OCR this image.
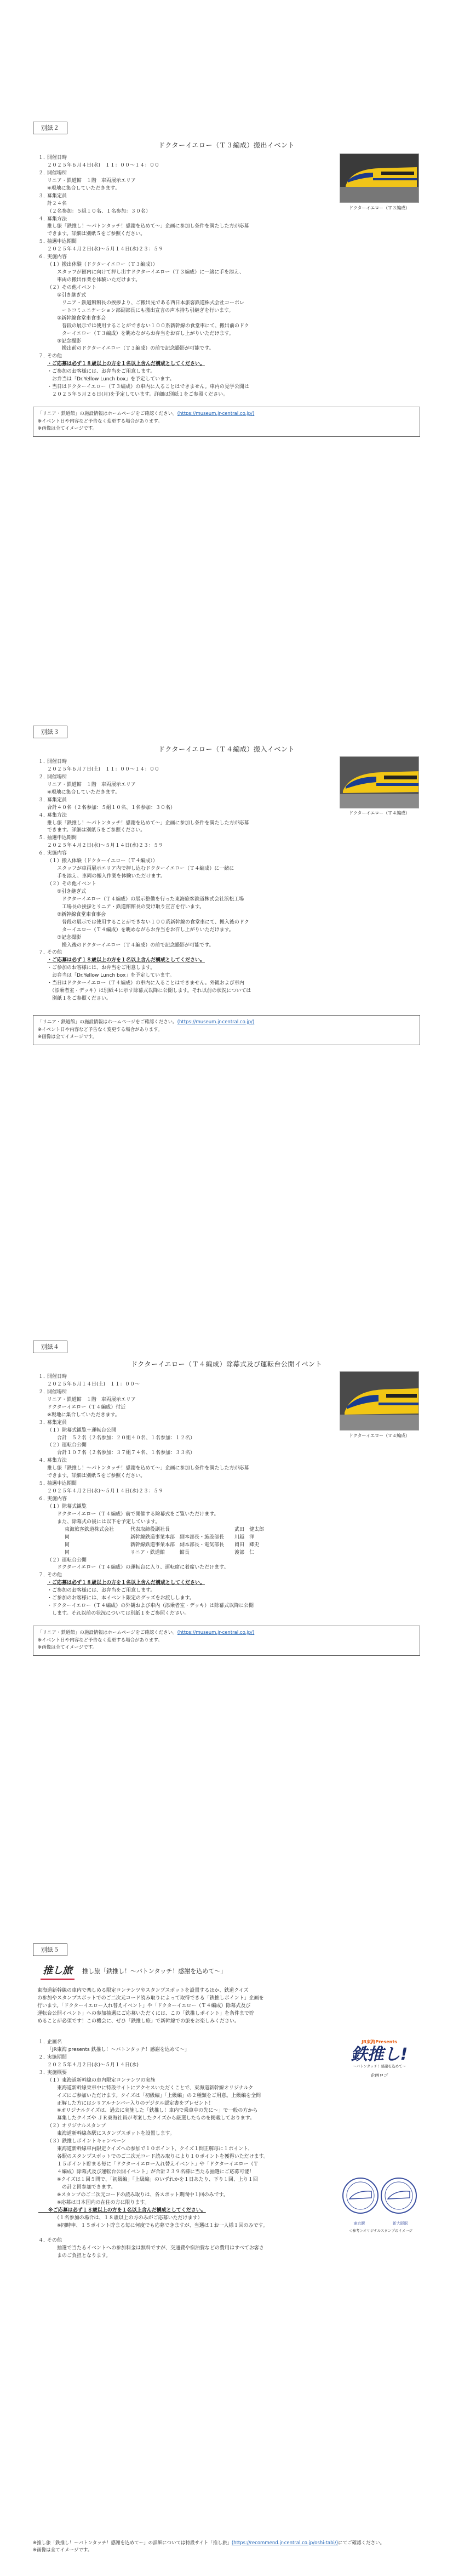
別紙２
ドクターイエロー（Ｔ３編成）搬出イベント
ドクターイエロー（Ｔ３編成）
１．
開催日時
２０２５年６月４日(水)　１１：００～１４：００
２．
開催場所
リニア・鉄道館　１階　車両展示エリア
※現地に集合していただきます。
３．
募集定員
計２４名
（２名参加：５組１０名、１名参加：３０名）
４．
募集方法
推し旅「鉄推し！～パトンタッチ！感謝を込めて～」企画に参加し条件を満たした方が応募
できます。詳細は別紙５をご参照ください。
５．
抽選申込期間
２０２５年４月２日(水)～５月１４日(水)２３：５９
６．
実施内容
（１）搬出体験（ドクターイエロー（Ｔ３編成））
　　スタッフが館内に向けて押し出すドクターイエロー（Ｔ３編成）に一緒に手を添え、
　　車両の搬出作業を体験いただけます。
（２）その他イベント
　　①引き継ぎ式
　　　リニア・鉄道館館長の挨拶より、ご搬出先である西日本旅客鉄道株式会社コーポレ
　　　ートコミュニケーション部副部長にも搬出宣言の声本持ち引継ぎを行います。
　　②新幹線食堂車食事会
　　　普段の展示では使用することができない１００系新幹線の食堂車にて、搬出前のドク
　　　ターイエロー（Ｔ３編成）を眺めながらお弁当をお召し上がりいただけます。
　　③記念撮影
　　　搬出前のドクターイエロー（Ｔ３編成）の前で記念撮影が可能です。
７．
その他
・ご応募は必ず１８歳以上の方を１名以上含んだ構成としてください。
・ご参加のお客様には、お弁当をご用意します。
　お弁当は「Dr.Yellow Lunch box」を予定しています。
・当日はドクターイエロー（Ｔ３編成）の車内に入ることはできません。車内の見学公開は
　２０２５年５月２６日(月)を予定しています。詳細は別紙１をご参照ください。
「リニア・鉄道館」の施設情報はホームページをご確認ください。(https://museum.jr-central.co.jp/)
※イベント日や内容など予告なく変更する場合があります。
※画像は全てイメージです。
別紙３
ドクターイエロー（Ｔ４編成）搬入イベント
ドクターイエロー（Ｔ４編成）
１．
開催日時
２０２５年６月７日(土)　１１：００～１４：００
２．
開催場所
リニア・鉄道館　１階　車両展示エリア
※現地に集合していただきます。
３．
募集定員
合計４０名（２名参加：５組１０名、１名参加：３０名）
４．
募集方法
推し旅「鉄推し！～パトンタッチ！感謝を込めて～」企画に参加し条件を満たした方が応募
できます。詳細は別紙５をご参照ください。
５．
抽選申込期間
２０２５年４月２日(水)～５月１４日(水)２３：５９
６．
実施内容
（１）搬入体験（ドクターイエロー（Ｔ４編成））
　　スタッフが車両展示エリア内で押し込むドクターイエロー（Ｔ４編成）に一緒に
　　手を添え、車両の搬入作業を体験いただけます。
（２）その他イベント
　　①引き継ぎ式
　　　ドクターイエロー（Ｔ４編成）の展示整備を行った東海旅客鉄道株式会社浜松工場
　　　工場長の挨拶とリニア・鉄道館館長の受け取り宣言を行います。
　　②新幹線食堂車食事会
　　　普段の展示では使用することができない１００系新幹線の食堂車にて、搬入後のドク
　　　ターイエロー（Ｔ４編成）を眺めながらお弁当をお召し上がりいただけます。
　　③記念撮影
　　　搬入後のドクターイエロー（Ｔ４編成）の前で記念撮影が可能です。
７．
その他
・ご応募は必ず１８歳以上の方を１名以上含んだ構成としてください。
・ご参加のお客様には、お弁当をご用意します。
　お弁当は「Dr.Yellow Lunch box」を予定しています。
・当日はドクターイエロー（Ｔ４編成）の車内に入ることはできません。外観および車内
　（添乗者室・デッキ）は別紙４に示す除幕式以降に公開します。それ以前の状況については
　別紙１をご参照ください。
「リニア・鉄道館」の施設情報はホームページをご確認ください。(https://museum.jr-central.co.jp/)
※イベント日や内容など予告なく変更する場合があります。
※画像は全てイメージです。
別紙４
ドクターイエロー（Ｔ４編成）除幕式及び運転台公開イベント
ドクターイエロー（Ｔ４編成）
１．
開催日時
２０２５年６月１４日(土)　１１：００～
２．
開催場所
リニア・鉄道館　１階　車両展示エリア
ドクターイエロー（Ｔ４編成）付近
※現地に集合していただきます。
３．
募集定員
（１）除幕式観覧＋運転台公開
　　合計　５２名（２名参加：２０組４０名、１名参加：１２名）
（２）運転台公開
　　合計１０７名（２名参加：３７組７４名、１名参加：３３名）
４．
募集方法
推し旅「鉄推し！～パトンタッチ！感謝を込めて～」企画に参加し条件を満たした方が応募
できます。詳細は別紙５をご参照ください。
５．
抽選申込期間
２０２５年４月２日(水)～５月１４日(水)２３：５９
６．
実施内容
（１）除幕式観覧
　　ドクターイエロー（Ｔ４編成）前で開催する除幕式をご覧いただけます。
　　また、除幕式の後には以下を予定しています。
東海旅客鉄道株式会社	代表取締役副社長	武田　健太郎
同	新幹線鉄道事業本部　副本部長・施設部長	川越　洋
同	新幹線鉄道事業本部　副本部長・電気部長	岡田　卿史
同	リニア・鉄道館　　　館長	渡部　仁
（２）運転台公開
　　ドクターイエロー（Ｔ４編成）の運転台に入り、運転席に着席いただけます。
７．
その他
・ご応募は必ず１８歳以上の方を１名以上含んだ構成としてください。
・ご参加のお客様には、お弁当をご用意します。
・ご参加のお客様には、本イベント限定のグッズをお渡しします。
・ドクターイエロー（Ｔ４編成）の外観および車内（添乗者室・デッキ）は除幕式以降に公開
　します。それ以前の状況については別紙１をご参照ください。
「リニア・鉄道館」の施設情報はホームページをご確認ください。(https://museum.jr-central.co.jp/)
※イベント日や内容など予告なく変更する場合があります。
※画像は全てイメージです。
別紙５
推し旅	推し旅「鉄推し！～バトンタッチ！感謝を込めて～」
東海道新幹線の車内で楽しめる限定コンテンツやスタンプスポットを設置するほか、鉄道クイズ
の参加やスタンプスポットでのご二次元コード読み取りによって取得できる「鉄推しポイント」企画を
行います。「ドクターイエロー入れ替えイベント」や「ドクターイエロー（Ｔ４編成）除幕式及び
運転台公開イベント」への参加抽選にご応募いただくには、この「鉄推しポイント」を条件まで貯
めることが必須です！この機会に、ぜひ「鉄推し旅」で新幹線での旅をお楽しみください。
JR東海Presents
鉄推し!
～バトンタッチ！感謝を込めて～
企画ロゴ
東京駅	新大阪駅
＜参考＞オリジナルスタンプのイメージ
１．
企画名
「JR東海 presents 鉄推し！～バトンタッチ！感謝を込めて～」
２．
実施期間
２０２５年４月２日(水)～５月１４日(水)
３．
実施概要
（１）東海道新幹線の車内限定コンテンツの実施
　　東海道新幹線乗車中に特設サイトにアクセスいただくことで、東海道新幹線オリジナルク
　　イズにご参加いただけます。クイズは「初級編」「上級編」の２種類をご用意。上級編を全問
　　正解した方にはシリアルナンバー入りのデジタル認定書をプレゼント！
　　※オリジナルクイズは、過去に実施した「鉄推し！車内で乗車中の先に～」で一般の方から
　　募集したクイズや ＪＲ東海社員が考案したクイズから厳選したものを掲載しております。
（２）オリジナルスタンプ
　　東海道新幹線各駅にスタンプスポットを設置します。
（３）鉄推しポイントキャンペーン
　　東海道新幹線車内限定クイズへの参加で１０ポイント、クイズ１問正解毎に１ポイント、
　　各駅のスタンプスポットでのご二次元コード読み取りにより１０ポイントを獲得いただけます。
　　１５ポイント貯まる毎に「ドクターイエロー入れ替えイベント」や「ドクターイエロー（Ｔ
　　４編成）除幕式及び運転台公開イベント」が合計２３９名様に当たる抽選にご応募可能！
　　※クイズは１回５問で、「初級編」「上級編」のいずれかを１日あたり、下り１回、上り１回
　　　の計２回参加できます。
　　※スタンプのご二次元コードの読み取りは、各スポット期間中１回のみです。
　　※応募は日本国内の在住の方に限ります。
　　※ご応募は必ず１８歳以上の方を１名以上含んだ構成としてください。
　　（１名参加の場合は、１８歳以上の方のみがご応募いただけます）
　　※同時申、１５ポイント貯まる毎に何度でも応募できますが、当選は１お一人様１回のみです。

４．
その他
　　抽選で当たるイベントへの参加料金は無料ですが、交通費や宿泊費などの費用はすべてお客さ
　　まのご負担となります。
※推し旅「鉄推し！〜バトンタッチ！感謝を込めて〜」の詳細については特設サイト「推し旅」(https://recommend.jr-central.co.jp/oshi-tabi/)にてご確認ください。
※画像は全てイメージです。
